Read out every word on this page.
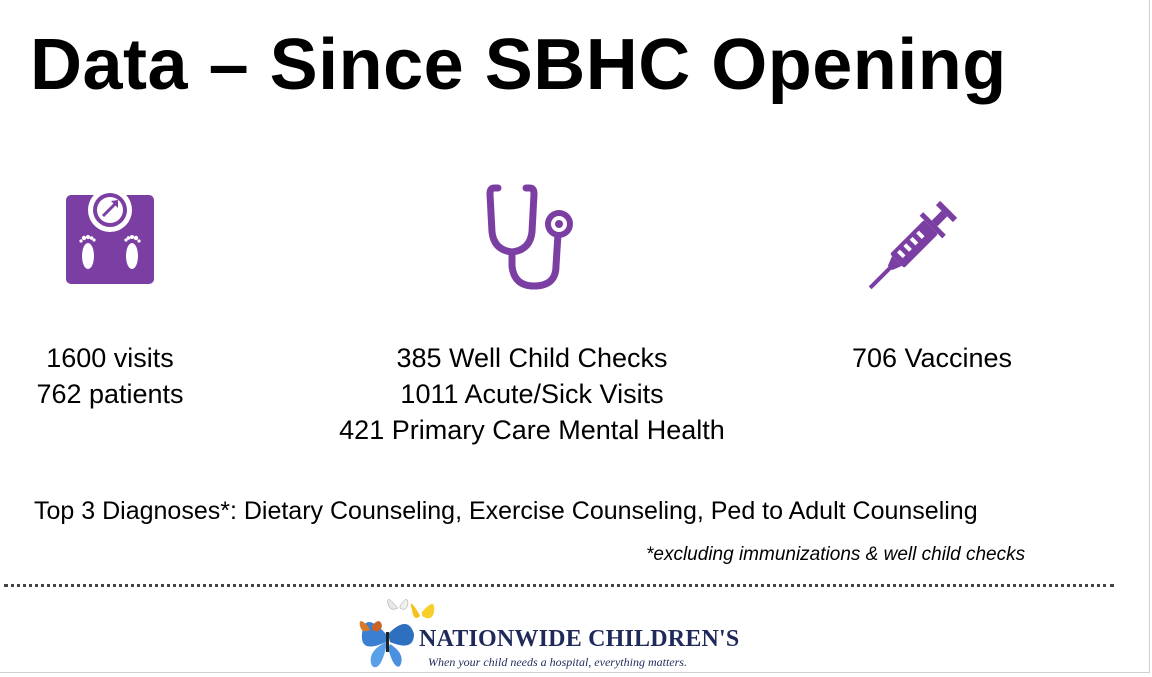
Data – Since SBHC Opening
1600 visits
762 patients
385 Well Child Checks
1011 Acute/Sick Visits
421 Primary Care Mental Health
706 Vaccines
Top 3 Diagnoses*: Dietary Counseling, Exercise Counseling, Ped to Adult Counseling
*excluding immunizations & well child checks
NATIONWIDE CHILDREN'S
When your child needs a hospital, everything matters.
